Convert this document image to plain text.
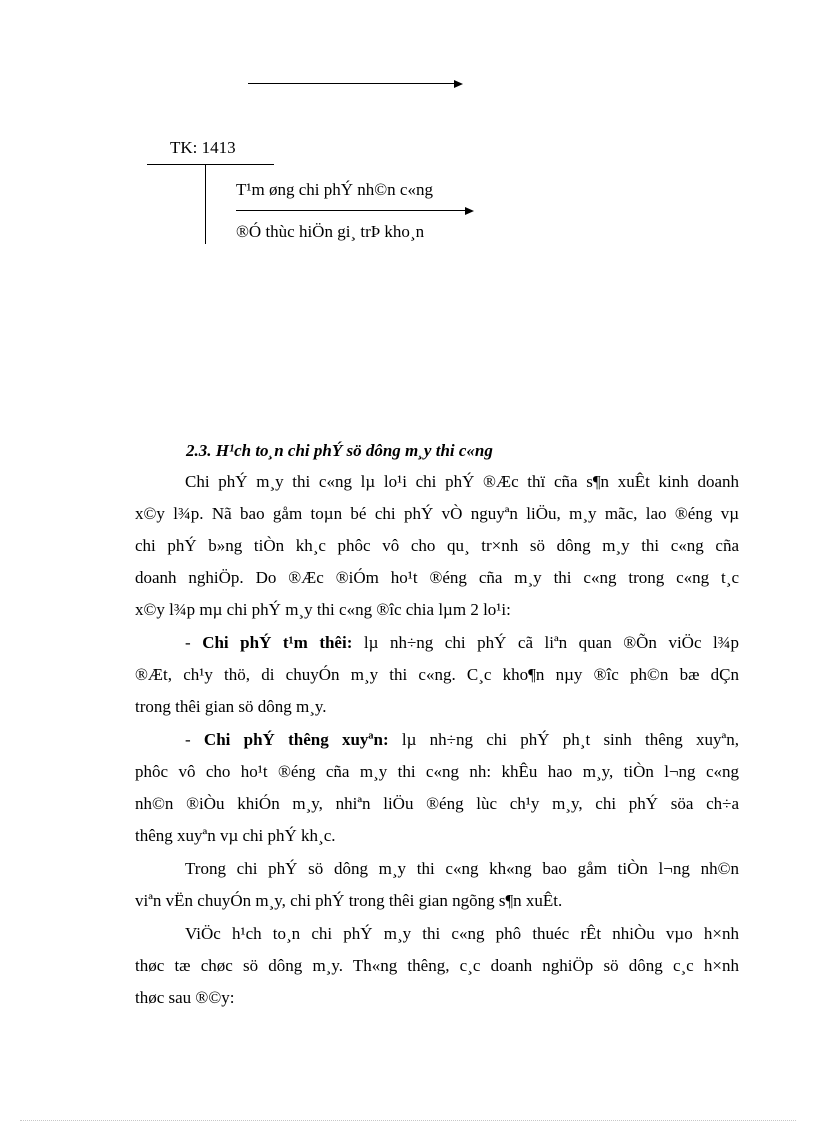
TK: 1413
T¹m øng chi phÝ nh©n c«ng
®Ó thùc hiÖn gi¸ trÞ kho¸n
2.3. H¹ch to¸n chi phÝ sö dông m¸y thi c«ng
Chi phÝ m¸y thi c«ng lµ lo¹i chi phÝ ®Æc thï cña s¶n xuÊt kinh doanh
x©y l¾p. Nã bao gåm toµn bé chi phÝ vÒ nguyªn liÖu, m¸y mãc, lao ®éng vµ
chi phÝ b»ng tiÒn kh¸c phôc vô cho qu¸ tr×nh sö dông m¸y thi c«ng cña
doanh nghiÖp. Do ®Æc ®iÓm ho¹t ®éng cña m¸y thi c«ng trong c«ng t¸c
x©y l¾p mµ chi phÝ m¸y thi c«ng ®îc chia lµm 2 lo¹i:
- Chi phÝ t¹m thêi: lµ nh÷ng chi phÝ cã liªn quan ®Õn viÖc l¾p
®Æt, ch¹y thö, di chuyÓn m¸y thi c«ng. C¸c kho¶n nµy ®îc ph©n bæ dÇn
trong thêi gian sö dông m¸y.
- Chi phÝ thêng xuyªn: lµ nh÷ng chi phÝ ph¸t sinh thêng xuyªn,
phôc vô cho ho¹t ®éng cña m¸y thi c«ng nh: khÊu hao m¸y, tiÒn l¬ng c«ng
nh©n ®iÒu khiÓn m¸y, nhiªn liÖu ®éng lùc ch¹y m¸y, chi phÝ söa ch÷a
thêng xuyªn vµ chi phÝ kh¸c.
Trong chi phÝ sö dông m¸y thi c«ng kh«ng bao gåm tiÒn l¬ng nh©n
viªn vËn chuyÓn m¸y, chi phÝ trong thêi gian ngõng s¶n xuÊt.
ViÖc h¹ch to¸n chi phÝ m¸y thi c«ng phô thuéc rÊt nhiÒu vµo h×nh
thøc tæ chøc sö dông m¸y. Th«ng thêng, c¸c doanh nghiÖp sö dông c¸c h×nh
thøc sau ®©y:
